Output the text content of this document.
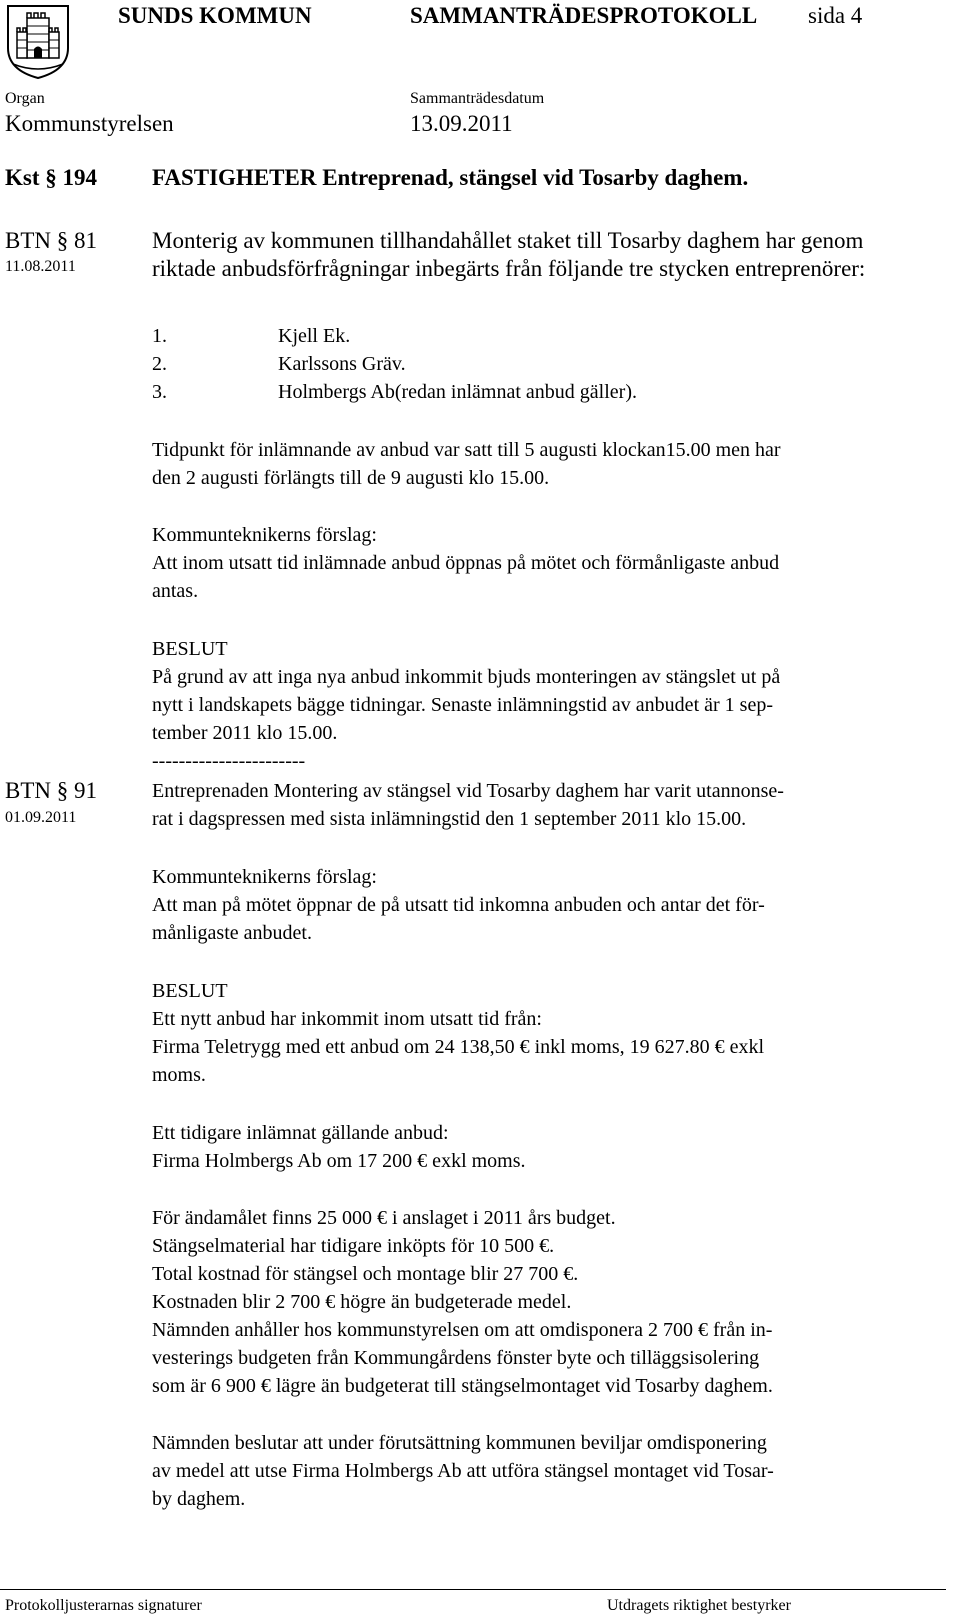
SUNDS KOMMUN	SAMMANTRÄDESPROTOKOLL sida 4
Organ
Kommunstyrelsen
Sammanträdesdatum
13.09.2011
Kst § 194 FASTIGHETER Entreprenad, stängsel vid Tosarby daghem.
BTN § 81
11.08.2011
Monterig av kommunen tillhandahållet staket till Tosarby daghem har genom
riktade anbudsförfrågningar inbegärts från följande tre stycken entreprenörer:
1.	Kjell Ek.
2.	Karlssons Gräv.
3.	Holmbergs Ab(redan inlämnat anbud gäller).
Tidpunkt för inlämnande av anbud var satt till 5 augusti klockan15.00 men har
den 2 augusti förlängts till de 9 augusti klo 15.00.
Kommunteknikerns förslag:
Att inom utsatt tid inlämnade anbud öppnas på mötet och förmånligaste anbud
antas.
BESLUT
På grund av att inga nya anbud inkommit bjuds monteringen av stängslet ut på
nytt i landskapets bägge tidningar. Senaste inlämningstid av anbudet är 1 sep-
tember 2011 klo 15.00.
-----------------------
BTN § 91
01.09.2011
Entreprenaden Montering av stängsel vid Tosarby daghem har varit utannonse-
rat i dagspressen med sista inlämningstid den 1 september 2011 klo 15.00.
Kommunteknikerns förslag:
Att man på mötet öppnar de på utsatt tid inkomna anbuden och antar det för-
månligaste anbudet.
BESLUT
Ett nytt anbud har inkommit inom utsatt tid från:
Firma Teletrygg med ett anbud om 24 138,50 € inkl moms, 19 627.80 € exkl
moms.
Ett tidigare inlämnat gällande anbud:
Firma Holmbergs Ab om 17 200 € exkl moms.
För ändamålet finns 25 000 € i anslaget i 2011 års budget.
Stängselmaterial har tidigare inköpts för 10 500 €.
Total kostnad för stängsel och montage blir 27 700 €.
Kostnaden blir 2 700 € högre än budgeterade medel.
Nämnden anhåller hos kommunstyrelsen om att omdisponera 2 700 € från in-
vesterings budgeten från Kommungårdens fönster byte och tilläggsisolering
som är 6 900 € lägre än budgeterat till stängselmontaget vid Tosarby daghem.
Nämnden beslutar att under förutsättning kommunen beviljar omdisponering
av medel att utse Firma Holmbergs Ab att utföra stängsel montaget vid Tosar-
by daghem.
Protokolljusterarnas signaturer	Utdragets riktighet bestyrker
